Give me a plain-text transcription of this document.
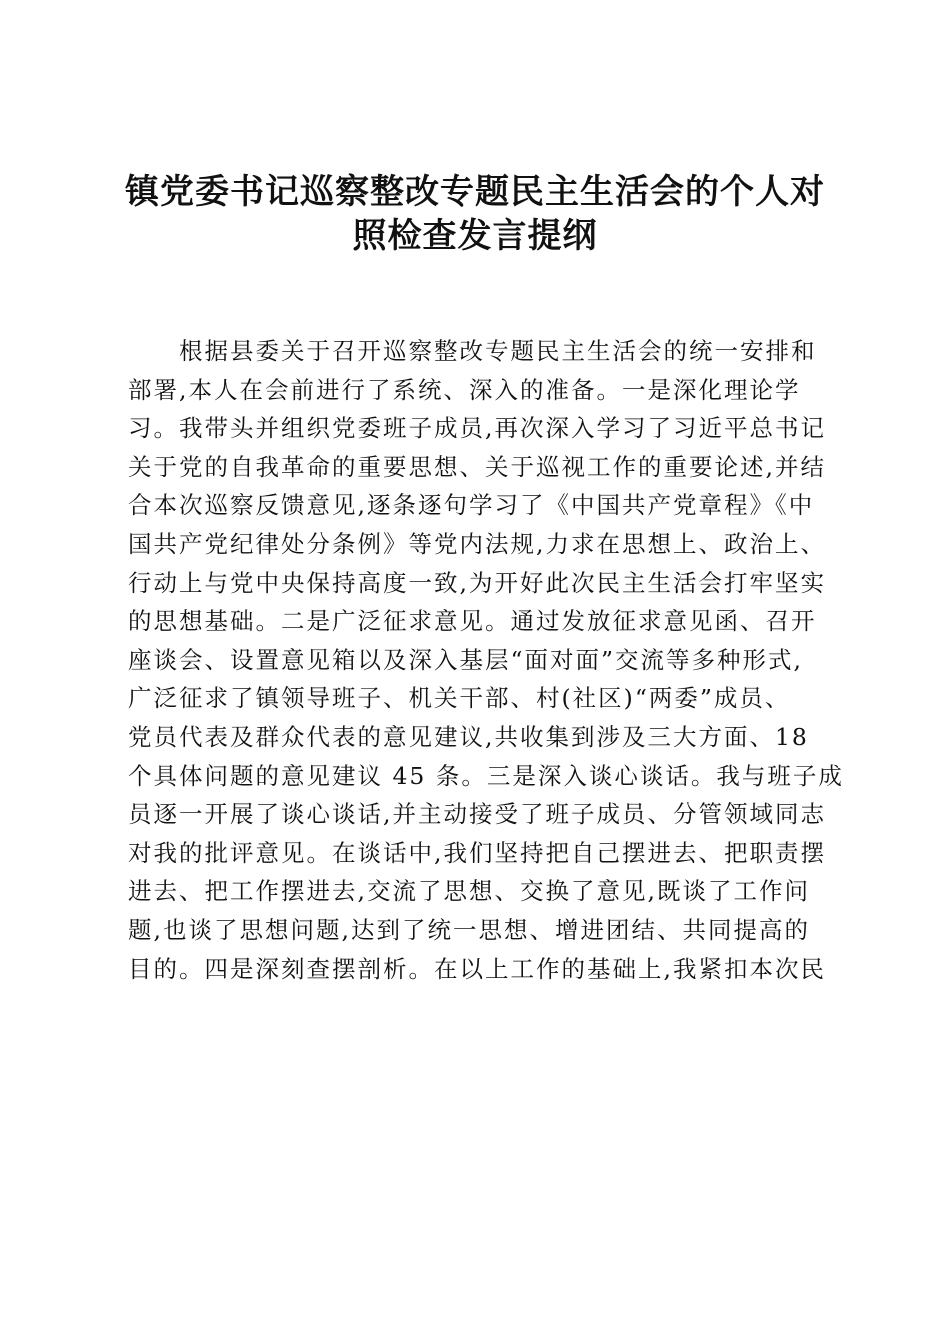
镇党委书记巡察整改专题民主生活会的个人对
照检查发言提纲
　　根据县委关于召开巡察整改专题民主生活会的统一安排和
部署,本人在会前进行了系统、深入的准备。一是深化理论学
习。我带头并组织党委班子成员,再次深入学习了习近平总书记
关于党的自我革命的重要思想、关于巡视工作的重要论述,并结
合本次巡察反馈意见,逐条逐句学习了《中国共产党章程》《中
国共产党纪律处分条例》等党内法规,力求在思想上、政治上、
行动上与党中央保持高度一致,为开好此次民主生活会打牢坚实
的思想基础。二是广泛征求意见。通过发放征求意见函、召开
座谈会、设置意见箱以及深入基层“面对面”交流等多种形式,
广泛征求了镇领导班子、机关干部、村(社区)“两委”成员、
党员代表及群众代表的意见建议,共收集到涉及三大方面、18
个具体问题的意见建议 45 条。三是深入谈心谈话。我与班子成
员逐一开展了谈心谈话,并主动接受了班子成员、分管领域同志
对我的批评意见。在谈话中,我们坚持把自己摆进去、把职责摆
进去、把工作摆进去,交流了思想、交换了意见,既谈了工作问
题,也谈了思想问题,达到了统一思想、增进团结、共同提高的
目的。四是深刻查摆剖析。在以上工作的基础上,我紧扣本次民
